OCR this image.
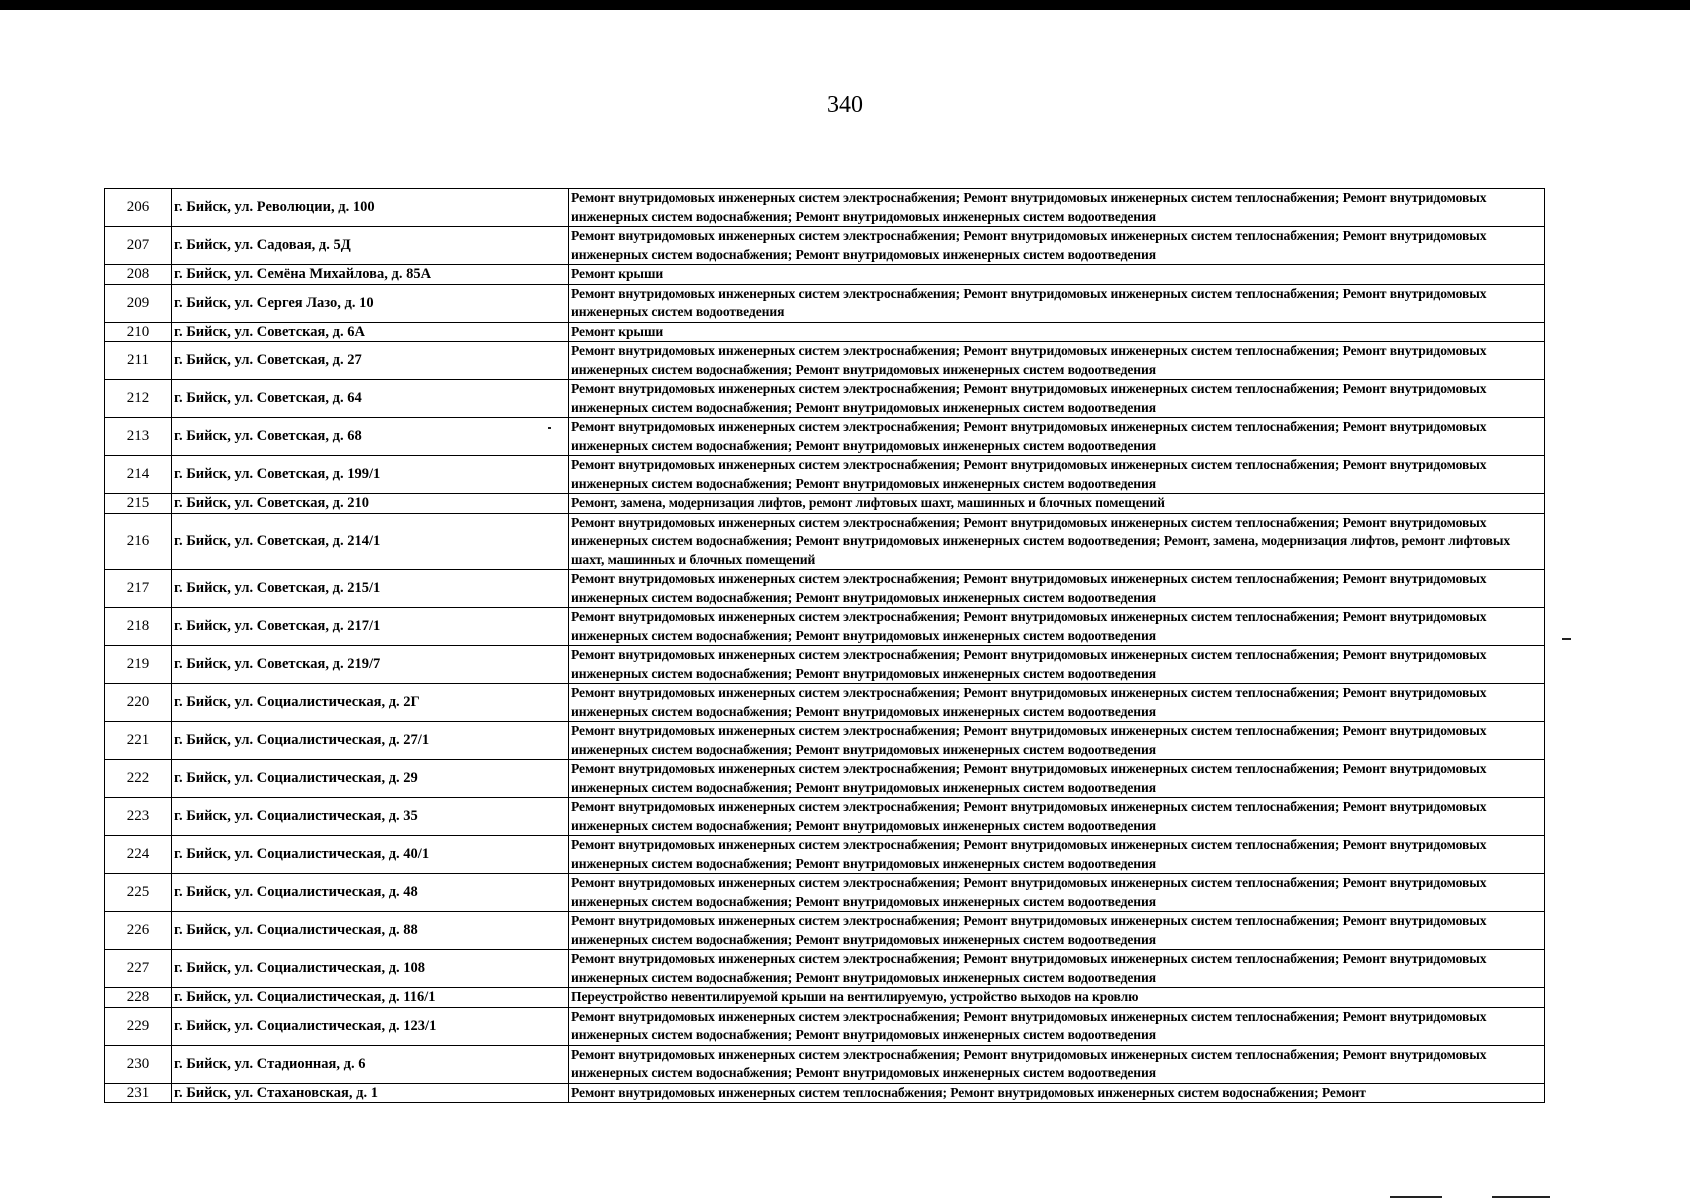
340
206	г. Бийск, ул. Революции, д. 100	Ремонт внутридомовых инженерных систем электроснабжения; Ремонт внутридомовых инженерных систем теплоснабжения; Ремонт внутридомовых инженерных систем водоснабжения; Ремонт внутридомовых инженерных систем водоотведения
207	г. Бийск, ул. Садовая, д. 5Д	Ремонт внутридомовых инженерных систем электроснабжения; Ремонт внутридомовых инженерных систем теплоснабжения; Ремонт внутридомовых инженерных систем водоснабжения; Ремонт внутридомовых инженерных систем водоотведения
208	г. Бийск, ул. Семёна Михайлова, д. 85А	Ремонт крыши
209	г. Бийск, ул. Сергея Лазо, д. 10	Ремонт внутридомовых инженерных систем электроснабжения; Ремонт внутридомовых инженерных систем теплоснабжения; Ремонт внутридомовых инженерных систем водоотведения
210	г. Бийск, ул. Советская, д. 6А	Ремонт крыши
211	г. Бийск, ул. Советская, д. 27	Ремонт внутридомовых инженерных систем электроснабжения; Ремонт внутридомовых инженерных систем теплоснабжения; Ремонт внутридомовых инженерных систем водоснабжения; Ремонт внутридомовых инженерных систем водоотведения
212	г. Бийск, ул. Советская, д. 64	Ремонт внутридомовых инженерных систем электроснабжения; Ремонт внутридомовых инженерных систем теплоснабжения; Ремонт внутридомовых инженерных систем водоснабжения; Ремонт внутридомовых инженерных систем водоотведения
213	г. Бийск, ул. Советская, д. 68	Ремонт внутридомовых инженерных систем электроснабжения; Ремонт внутридомовых инженерных систем теплоснабжения; Ремонт внутридомовых инженерных систем водоснабжения; Ремонт внутридомовых инженерных систем водоотведения
214	г. Бийск, ул. Советская, д. 199/1	Ремонт внутридомовых инженерных систем электроснабжения; Ремонт внутридомовых инженерных систем теплоснабжения; Ремонт внутридомовых инженерных систем водоснабжения; Ремонт внутридомовых инженерных систем водоотведения
215	г. Бийск, ул. Советская, д. 210	Ремонт, замена, модернизация лифтов, ремонт лифтовых шахт, машинных и блочных помещений
216	г. Бийск, ул. Советская, д. 214/1	Ремонт внутридомовых инженерных систем электроснабжения; Ремонт внутридомовых инженерных систем теплоснабжения; Ремонт внутридомовых инженерных систем водоснабжения; Ремонт внутридомовых инженерных систем водоотведения; Ремонт, замена, модернизация лифтов, ремонт лифтовых шахт, машинных и блочных помещений
217	г. Бийск, ул. Советская, д. 215/1	Ремонт внутридомовых инженерных систем электроснабжения; Ремонт внутридомовых инженерных систем теплоснабжения; Ремонт внутридомовых инженерных систем водоснабжения; Ремонт внутридомовых инженерных систем водоотведения
218	г. Бийск, ул. Советская, д. 217/1	Ремонт внутридомовых инженерных систем электроснабжения; Ремонт внутридомовых инженерных систем теплоснабжения; Ремонт внутридомовых инженерных систем водоснабжения; Ремонт внутридомовых инженерных систем водоотведения
219	г. Бийск, ул. Советская, д. 219/7	Ремонт внутридомовых инженерных систем электроснабжения; Ремонт внутридомовых инженерных систем теплоснабжения; Ремонт внутридомовых инженерных систем водоснабжения; Ремонт внутридомовых инженерных систем водоотведения
220	г. Бийск, ул. Социалистическая, д. 2Г	Ремонт внутридомовых инженерных систем электроснабжения; Ремонт внутридомовых инженерных систем теплоснабжения; Ремонт внутридомовых инженерных систем водоснабжения; Ремонт внутридомовых инженерных систем водоотведения
221	г. Бийск, ул. Социалистическая, д. 27/1	Ремонт внутридомовых инженерных систем электроснабжения; Ремонт внутридомовых инженерных систем теплоснабжения; Ремонт внутридомовых инженерных систем водоснабжения; Ремонт внутридомовых инженерных систем водоотведения
222	г. Бийск, ул. Социалистическая, д. 29	Ремонт внутридомовых инженерных систем электроснабжения; Ремонт внутридомовых инженерных систем теплоснабжения; Ремонт внутридомовых инженерных систем водоснабжения; Ремонт внутридомовых инженерных систем водоотведения
223	г. Бийск, ул. Социалистическая, д. 35	Ремонт внутридомовых инженерных систем электроснабжения; Ремонт внутридомовых инженерных систем теплоснабжения; Ремонт внутридомовых инженерных систем водоснабжения; Ремонт внутридомовых инженерных систем водоотведения
224	г. Бийск, ул. Социалистическая, д. 40/1	Ремонт внутридомовых инженерных систем электроснабжения; Ремонт внутридомовых инженерных систем теплоснабжения; Ремонт внутридомовых инженерных систем водоснабжения; Ремонт внутридомовых инженерных систем водоотведения
225	г. Бийск, ул. Социалистическая, д. 48	Ремонт внутридомовых инженерных систем электроснабжения; Ремонт внутридомовых инженерных систем теплоснабжения; Ремонт внутридомовых инженерных систем водоснабжения; Ремонт внутридомовых инженерных систем водоотведения
226	г. Бийск, ул. Социалистическая, д. 88	Ремонт внутридомовых инженерных систем электроснабжения; Ремонт внутридомовых инженерных систем теплоснабжения; Ремонт внутридомовых инженерных систем водоснабжения; Ремонт внутридомовых инженерных систем водоотведения
227	г. Бийск, ул. Социалистическая, д. 108	Ремонт внутридомовых инженерных систем электроснабжения; Ремонт внутридомовых инженерных систем теплоснабжения; Ремонт внутридомовых инженерных систем водоснабжения; Ремонт внутридомовых инженерных систем водоотведения
228	г. Бийск, ул. Социалистическая, д. 116/1	Переустройство невентилируемой крыши на вентилируемую, устройство выходов на кровлю
229	г. Бийск, ул. Социалистическая, д. 123/1	Ремонт внутридомовых инженерных систем электроснабжения; Ремонт внутридомовых инженерных систем теплоснабжения; Ремонт внутридомовых инженерных систем водоснабжения; Ремонт внутридомовых инженерных систем водоотведения
230	г. Бийск, ул. Стадионная, д. 6	Ремонт внутридомовых инженерных систем электроснабжения; Ремонт внутридомовых инженерных систем теплоснабжения; Ремонт внутридомовых инженерных систем водоснабжения; Ремонт внутридомовых инженерных систем водоотведения
231	г. Бийск, ул. Стахановская, д. 1	Ремонт внутридомовых инженерных систем теплоснабжения; Ремонт внутридомовых инженерных систем водоснабжения; Ремонт
